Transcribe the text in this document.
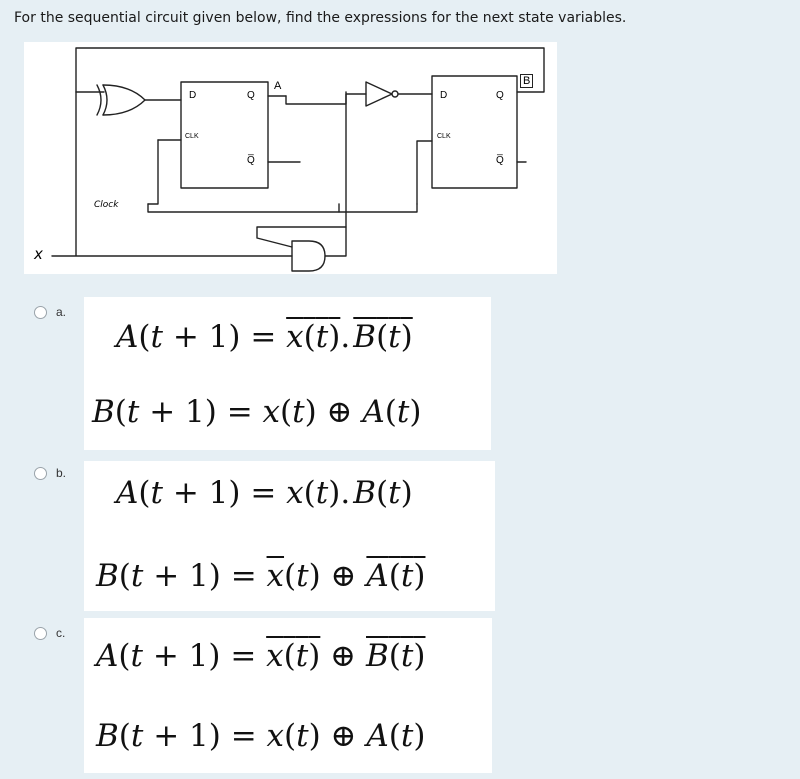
For the sequential circuit given below, find the expressions for the next state variables.
D	Q
Q̅
CLK
A
D	Q
Q̅
CLK
B
Clock
x
a.
A(t + 1) = x(t). B(t)
B(t + 1) = x(t) ⊕ A(t)
b.
A(t + 1) = x(t). B(t)
$B(t + 1) = \overline{x}(t)$ ⊕ A(t)
c.
A(t + 1) = x(t) ⊕ B(t)
B(t + 1) = x(t) ⊕ A(t)
